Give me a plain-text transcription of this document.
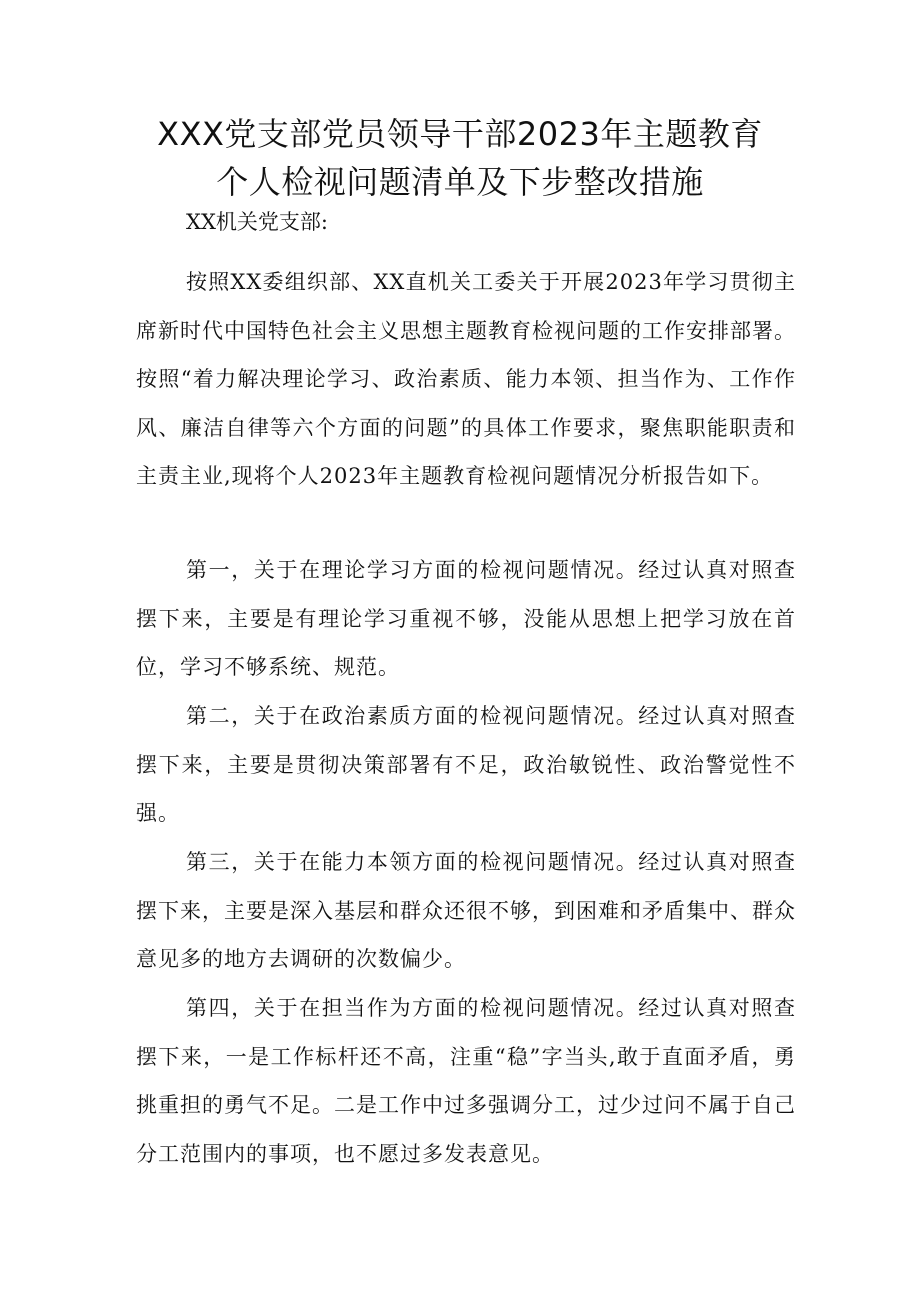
XXX党支部党员领导干部2023年主题教育
个人检视问题清单及下步整改措施
XX机关党支部:

按照XX委组织部、XX直机关工委关于开展2023年学习贯彻主席新时代中国特色社会主义思想主题教育检视问题的工作安排部署。按照“着力解决理论学习、政治素质、能力本领、担当作为、工作作风、廉洁自律等六个方面的问题”的具体工作要求，聚焦职能职责和主责主业,现将个人2023年主题教育检视问题情况分析报告如下。

第一，关于在理论学习方面的检视问题情况。经过认真对照查摆下来，主要是有理论学习重视不够，没能从思想上把学习放在首位，学习不够系统、规范。

第二，关于在政治素质方面的检视问题情况。经过认真对照查摆下来，主要是贯彻决策部署有不足，政治敏锐性、政治警觉性不强。

第三，关于在能力本领方面的检视问题情况。经过认真对照查摆下来，主要是深入基层和群众还很不够，到困难和矛盾集中、群众意见多的地方去调研的次数偏少。

第四，关于在担当作为方面的检视问题情况。经过认真对照查摆下来，一是工作标杆还不高，注重“稳”字当头,敢于直面矛盾，勇挑重担的勇气不足。二是工作中过多强调分工，过少过问不属于自己分工范围内的事项，也不愿过多发表意见。
